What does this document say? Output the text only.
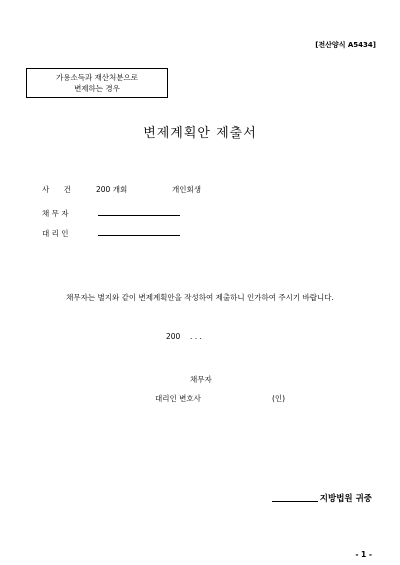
[전산양식 A5434]
가용소득과 재산처분으로
변제하는 경우
변제계획안 제출서
사 건	200 개회	개인회생
채 무 자
대 리 인
채무자는 별지와 같이 변제계획안을 작성하여 제출하니 인가하여 주시기 바랍니다.
200 . . .
채무자
대리인 변호사	(인)
지방법원 귀중
- 1 -
